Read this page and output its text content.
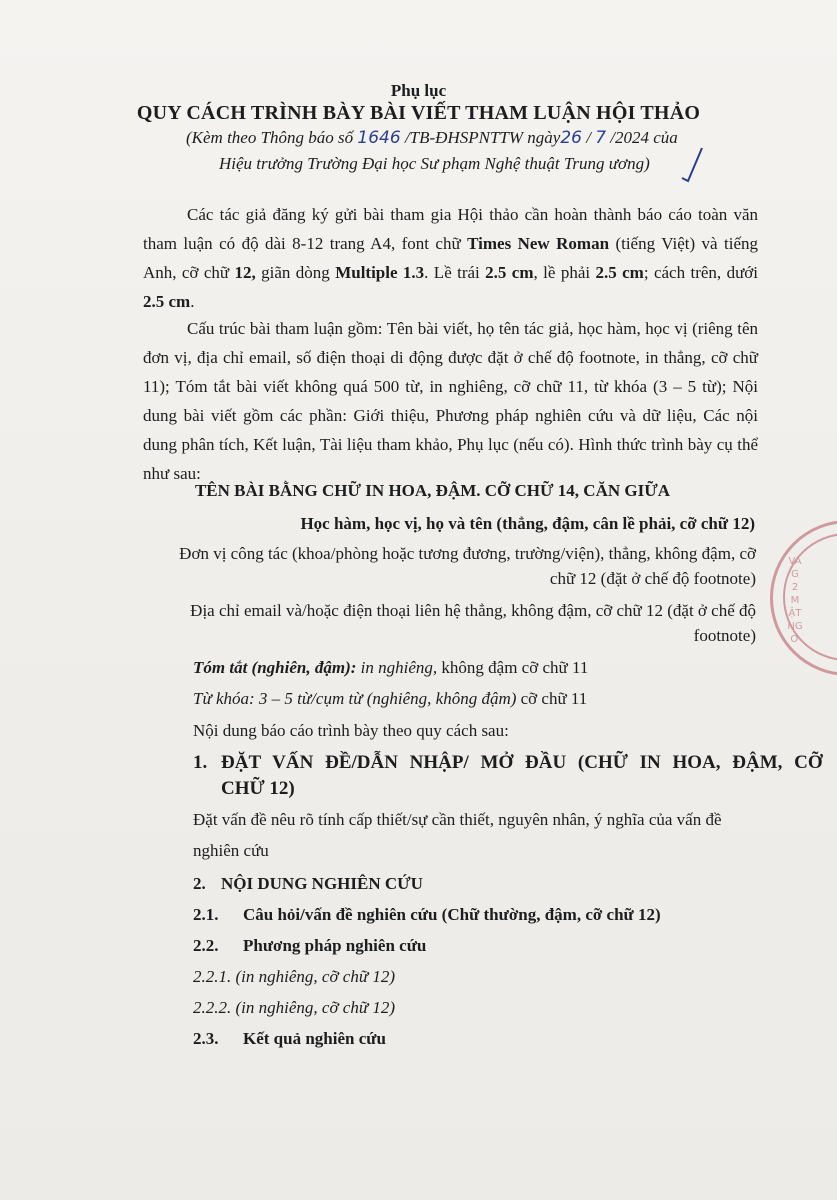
Phụ lục
QUY CÁCH TRÌNH BÀY BÀI VIẾT THAM LUẬN HỘI THẢO
(Kèm theo Thông báo số 1646 /TB-ĐHSPNTTW ngày26 / 7 /2024 của
Hiệu trưởng Trường Đại học Sư phạm Nghệ thuật Trung ương)
Các tác giả đăng ký gửi bài tham gia Hội thảo cần hoàn thành báo cáo toàn văn tham luận có độ dài 8-12 trang A4, font chữ Times New Roman (tiếng Việt) và tiếng Anh, cỡ chữ 12, giãn dòng Multiple 1.3. Lề trái 2.5 cm, lề phải 2.5 cm; cách trên, dưới 2.5 cm.
Cấu trúc bài tham luận gồm: Tên bài viết, họ tên tác giả, học hàm, học vị (riêng tên đơn vị, địa chỉ email, số điện thoại di động được đặt ở chế độ footnote, in thẳng, cỡ chữ 11); Tóm tắt bài viết không quá 500 từ, in nghiêng, cỡ chữ 11, từ khóa (3 – 5 từ); Nội dung bài viết gồm các phần: Giới thiệu, Phương pháp nghiên cứu và dữ liệu, Các nội dung phân tích, Kết luận, Tài liệu tham khảo, Phụ lục (nếu có). Hình thức trình bày cụ thể như sau:
TÊN BÀI BẰNG CHỮ IN HOA, ĐẬM. CỠ CHỮ 14, CĂN GIỮA
Học hàm, học vị, họ và tên (thẳng, đậm, cân lề phải, cỡ chữ 12)
Đơn vị công tác (khoa/phòng hoặc tương đương, trường/viện), thẳng, không đậm, cỡ
chữ 12 (đặt ở chế độ footnote)
Địa chỉ email và/hoặc điện thoại liên hệ thẳng, không đậm, cỡ chữ 12 (đặt ở chế độ
footnote)
Tóm tắt (nghiên, đậm): in nghiêng, không đậm cỡ chữ 11
Từ khóa: 3 – 5 từ/cụm từ (nghiêng, không đậm) cỡ chữ 11
Nội dung báo cáo trình bày theo quy cách sau:
1. ĐẶT VẤN ĐỀ/DẪN NHẬP/ MỞ ĐẦU (CHỮ IN HOA, ĐẬM, CỠ
CHỮ 12)
Đặt vấn đề nêu rõ tính cấp thiết/sự cần thiết, nguyên nhân, ý nghĩa của vấn đề
nghiên cứu
2. NỘI DUNG NGHIÊN CỨU
2.1. Câu hỏi/vấn đề nghiên cứu (Chữ thường, đậm, cỡ chữ 12)
2.2. Phương pháp nghiên cứu
2.2.1. (in nghiêng, cỡ chữ 12)
2.2.2. (in nghiêng, cỡ chữ 12)
2.3. Kết quả nghiên cứu
VA
G
2
M
ẬT
NG
Ơ
